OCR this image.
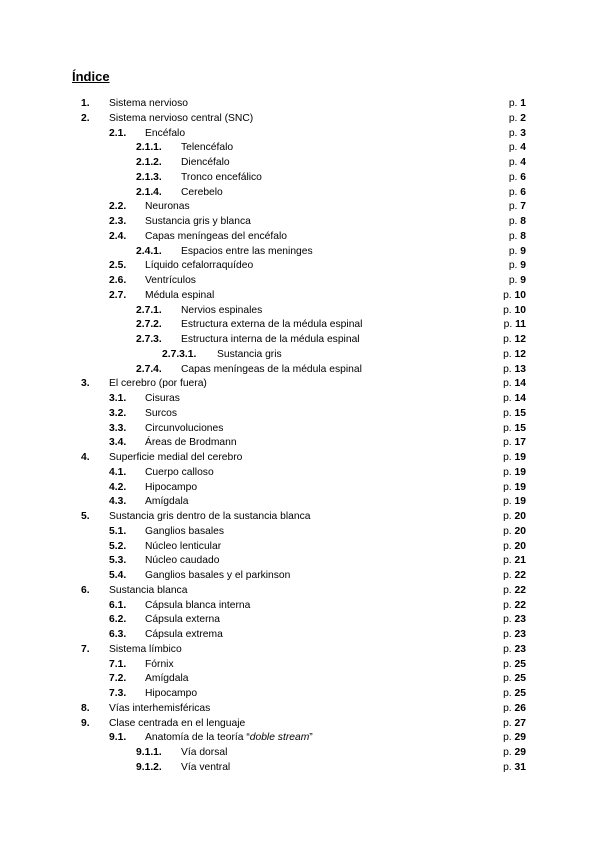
Índice
1. Sistema nervioso	p. 1
2. Sistema nervioso central (SNC)	p. 2
2.1. Encéfalo	p. 3
2.1.1. Telencéfalo	p. 4
2.1.2. Diencéfalo	p. 4
2.1.3. Tronco encefálico	p. 6
2.1.4. Cerebelo	p. 6
2.2. Neuronas	p. 7
2.3. Sustancia gris y blanca	p. 8
2.4. Capas meníngeas del encéfalo	p. 8
2.4.1. Espacios entre las meninges	p. 9
2.5. Líquido cefalorraquídeo	p. 9
2.6. Ventrículos	p. 9
2.7. Médula espinal	p. 10
2.7.1. Nervios espinales	p. 10
2.7.2. Estructura externa de la médula espinal	p. 11
2.7.3. Estructura interna de la médula espinal	p. 12
2.7.3.1. Sustancia gris	p. 12
2.7.4. Capas meníngeas de la médula espinal	p. 13
3. El cerebro (por fuera)	p. 14
3.1. Cisuras	p. 14
3.2. Surcos	p. 15
3.3. Circunvoluciones	p. 15
3.4. Áreas de Brodmann	p. 17
4. Superficie medial del cerebro	p. 19
4.1. Cuerpo calloso	p. 19
4.2. Hipocampo	p. 19
4.3. Amígdala	p. 19
5. Sustancia gris dentro de la sustancia blanca	p. 20
5.1. Ganglios basales	p. 20
5.2. Núcleo lenticular	p. 20
5.3. Núcleo caudado	p. 21
5.4. Ganglios basales y el parkinson	p. 22
6. Sustancia blanca	p. 22
6.1. Cápsula blanca interna	p. 22
6.2. Cápsula externa	p. 23
6.3. Cápsula extrema	p. 23
7. Sistema límbico	p. 23
7.1. Fórnix	p. 25
7.2. Amígdala	p. 25
7.3. Hipocampo	p. 25
8. Vías interhemisféricas	p. 26
9. Clase centrada en el lenguaje	p. 27
9.1. Anatomía de la teoría “doble stream”	p. 29
9.1.1. Vía dorsal	p. 29
9.1.2. Vía ventral	p. 31
